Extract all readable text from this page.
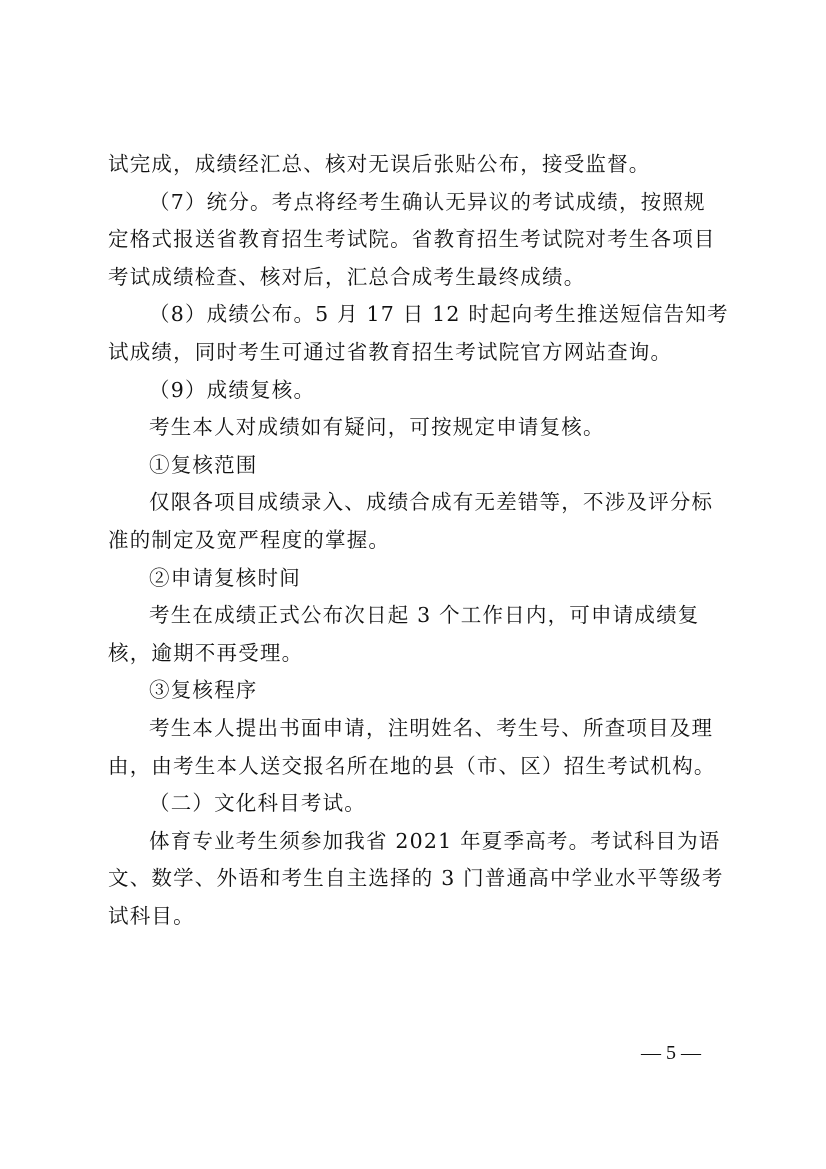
试完成，成绩经汇总、核对无误后张贴公布，接受监督。
（7）统分。考点将经考生确认无异议的考试成绩，按照规
定格式报送省教育招生考试院。省教育招生考试院对考生各项目
考试成绩检查、核对后，汇总合成考生最终成绩。
（8）成绩公布。5 月 17 日 12 时起向考生推送短信告知考
试成绩，同时考生可通过省教育招生考试院官方网站查询。
（9）成绩复核。
考生本人对成绩如有疑问，可按规定申请复核。
①复核范围
仅限各项目成绩录入、成绩合成有无差错等，不涉及评分标
准的制定及宽严程度的掌握。
②申请复核时间
考生在成绩正式公布次日起 3 个工作日内，可申请成绩复
核，逾期不再受理。
③复核程序
考生本人提出书面申请，注明姓名、考生号、所查项目及理
由，由考生本人送交报名所在地的县（市、区）招生考试机构。
（二）文化科目考试。
体育专业考生须参加我省 2021 年夏季高考。考试科目为语
文、数学、外语和考生自主选择的 3 门普通高中学业水平等级考
试科目。
— 5 —
